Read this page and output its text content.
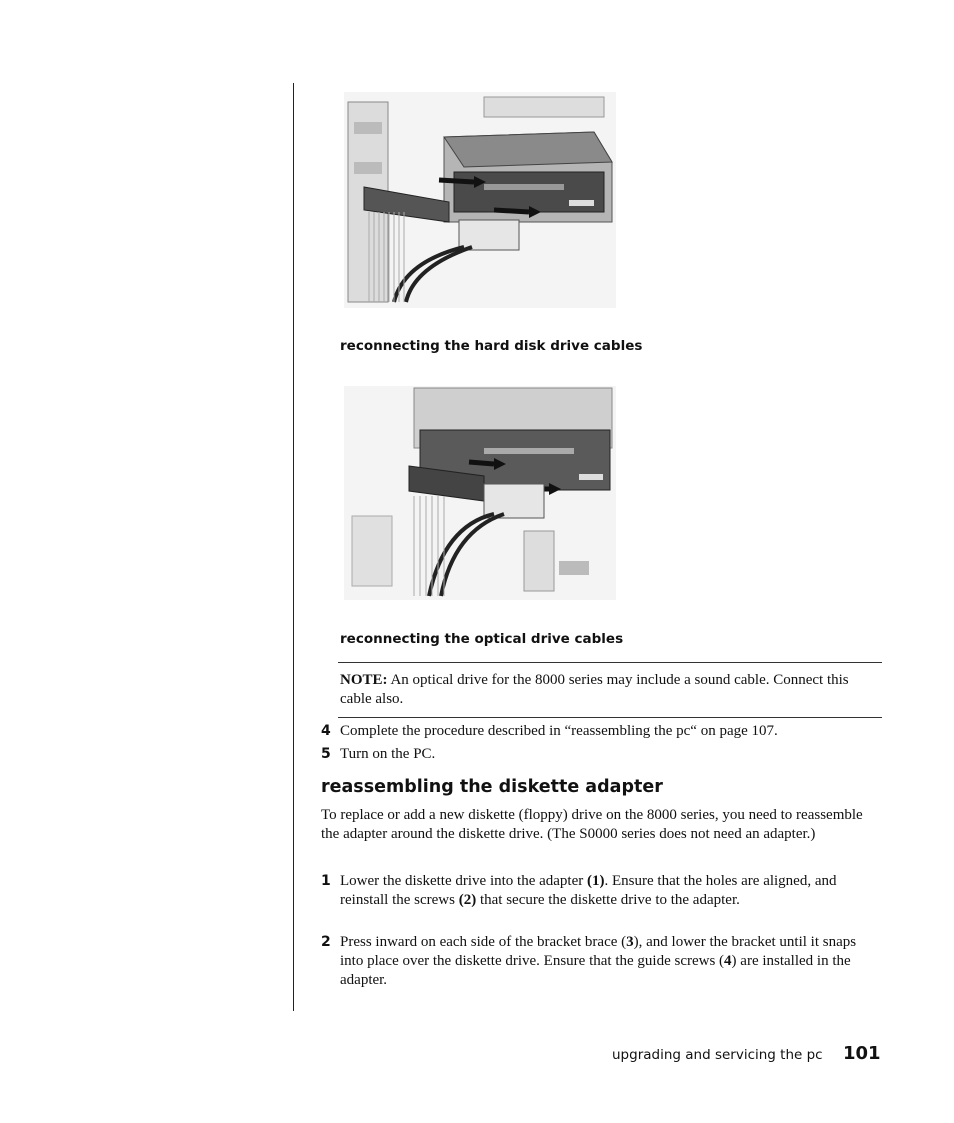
reconnecting the hard disk drive cables
reconnecting the optical drive cables

NOTE: An optical drive for the 8000 series may include a sound cable. Connect this cable also.

4 Complete the procedure described in “reassembling the pc“ on page 107.
5 Turn on the PC.
reassembling the diskette adapter
To replace or add a new diskette (floppy) drive on the 8000 series, you need to reassemble the adapter around the diskette drive. (The S0000 series does not need an adapter.)
1 Lower the diskette drive into the adapter (1). Ensure that the holes are aligned, and reinstall the screws (2) that secure the diskette drive to the adapter.
2 Press inward on each side of the bracket brace (3), and lower the bracket until it snaps into place over the diskette drive. Ensure that the guide screws (4) are installed in the adapter.
upgrading and servicing the pc 101
